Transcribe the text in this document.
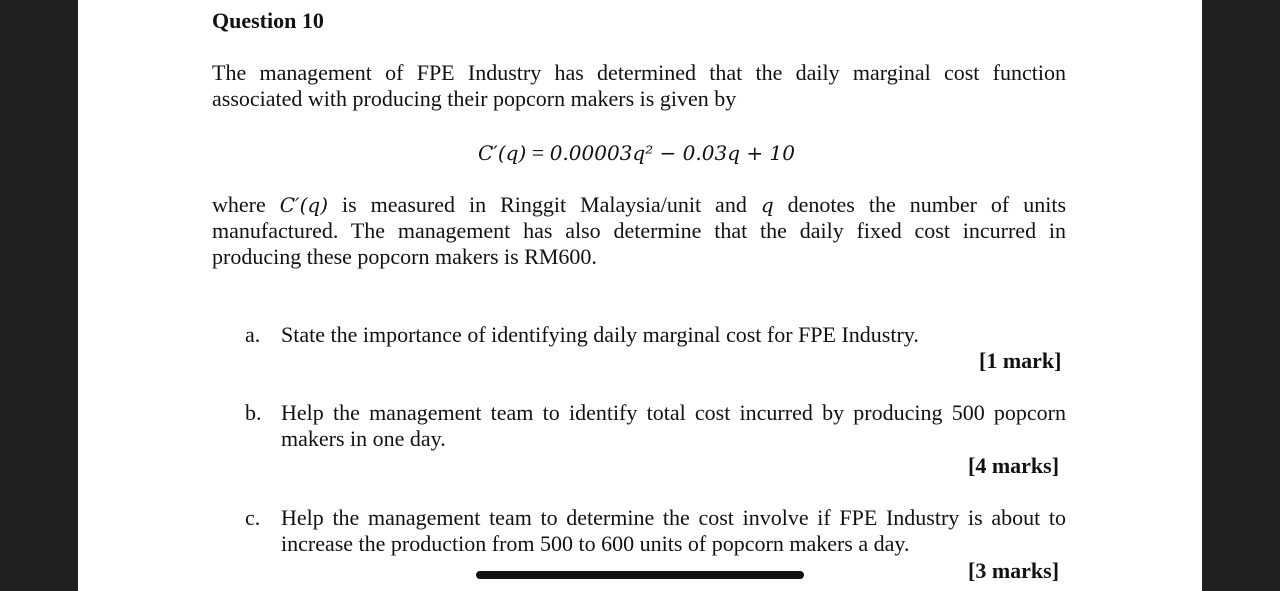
Question 10
The management of FPE Industry has determined that the daily marginal cost function
associated with producing their popcorn makers is given by
C′(q) = 0.00003q² − 0.03q + 10
where C′(q) is measured in Ringgit Malaysia/unit and q denotes the number of units
manufactured. The management has also determine that the daily fixed cost incurred in
producing these popcorn makers is RM600.
a. State the importance of identifying daily marginal cost for FPE Industry.
[1 mark]
b. Help the management team to identify total cost incurred by producing 500 popcorn
makers in one day.
[4 marks]
c. Help the management team to determine the cost involve if FPE Industry is about to
increase the production from 500 to 600 units of popcorn makers a day.
[3 marks]
